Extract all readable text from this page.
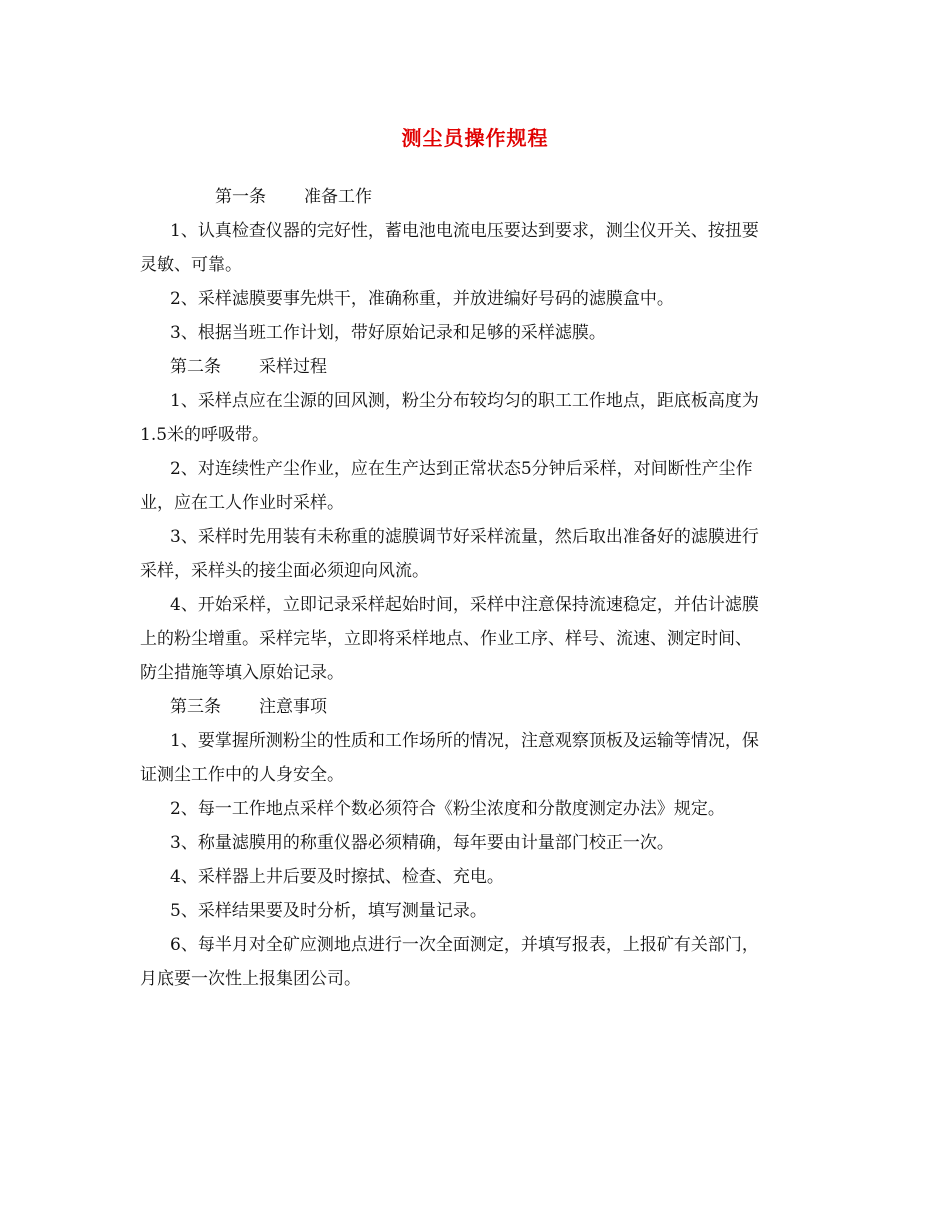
测尘员操作规程
第一条 准备工作
1、认真检查仪器的完好性，蓄电池电流电压要达到要求，测尘仪开关、按扭要
灵敏、可靠。
2、采样滤膜要事先烘干，准确称重，并放进编好号码的滤膜盒中。
3、根据当班工作计划，带好原始记录和足够的采样滤膜。
第二条 采样过程
1、采样点应在尘源的回风测，粉尘分布较均匀的职工工作地点，距底板高度为
1.5米的呼吸带。
2、对连续性产尘作业，应在生产达到正常状态5分钟后采样，对间断性产尘作
业，应在工人作业时采样。
3、采样时先用装有未称重的滤膜调节好采样流量，然后取出准备好的滤膜进行
采样，采样头的接尘面必须迎向风流。
4、开始采样，立即记录采样起始时间，采样中注意保持流速稳定，并估计滤膜
上的粉尘增重。采样完毕，立即将采样地点、作业工序、样号、流速、测定时间、
防尘措施等填入原始记录。
第三条 注意事项
1、要掌握所测粉尘的性质和工作场所的情况，注意观察顶板及运输等情况，保
证测尘工作中的人身安全。
2、每一工作地点采样个数必须符合《粉尘浓度和分散度测定办法》规定。
3、称量滤膜用的称重仪器必须精确，每年要由计量部门校正一次。
4、采样器上井后要及时擦拭、检查、充电。
5、采样结果要及时分析，填写测量记录。
6、每半月对全矿应测地点进行一次全面测定，并填写报表，上报矿有关部门，
月底要一次性上报集团公司。
